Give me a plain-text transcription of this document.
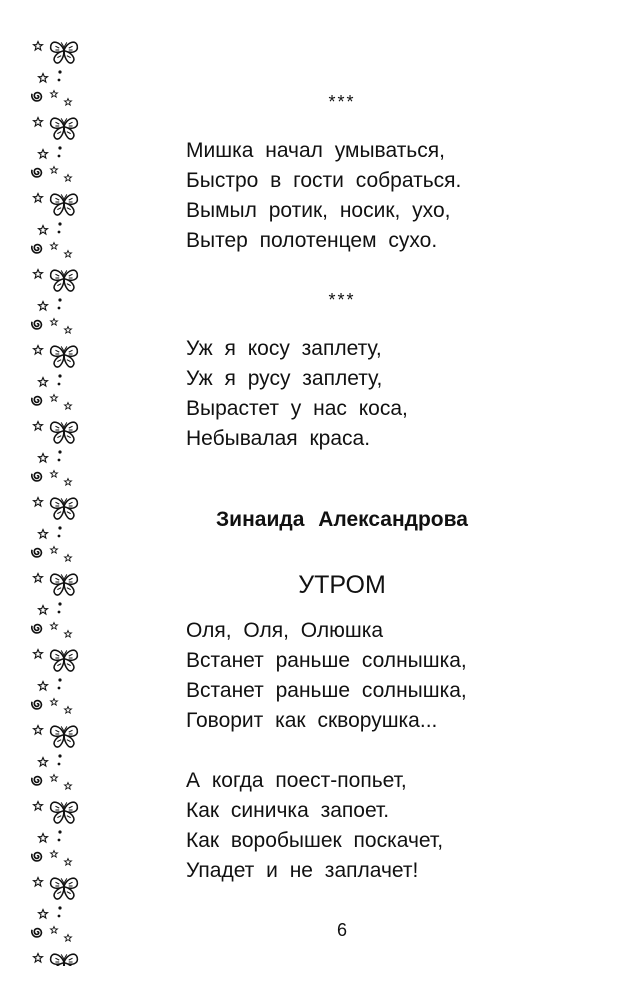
***

Мишка начал умываться,
Быстро в гости собраться.
Вымыл ротик, носик, ухо,
Вытер полотенцем сухо.

***

Уж я косу заплету,
Уж я русу заплету,
Вырастет у нас коса,
Небывалая краса.
Зинаида Александрова
УТРОМ
Оля, Оля, Олюшка
Встанет раньше солнышка,
Встанет раньше солнышка,
Говорит как скворушка...
А когда поест-попьет,
Как синичка запоет.
Как воробышек поскачет,
Упадет и не заплачет!

6
